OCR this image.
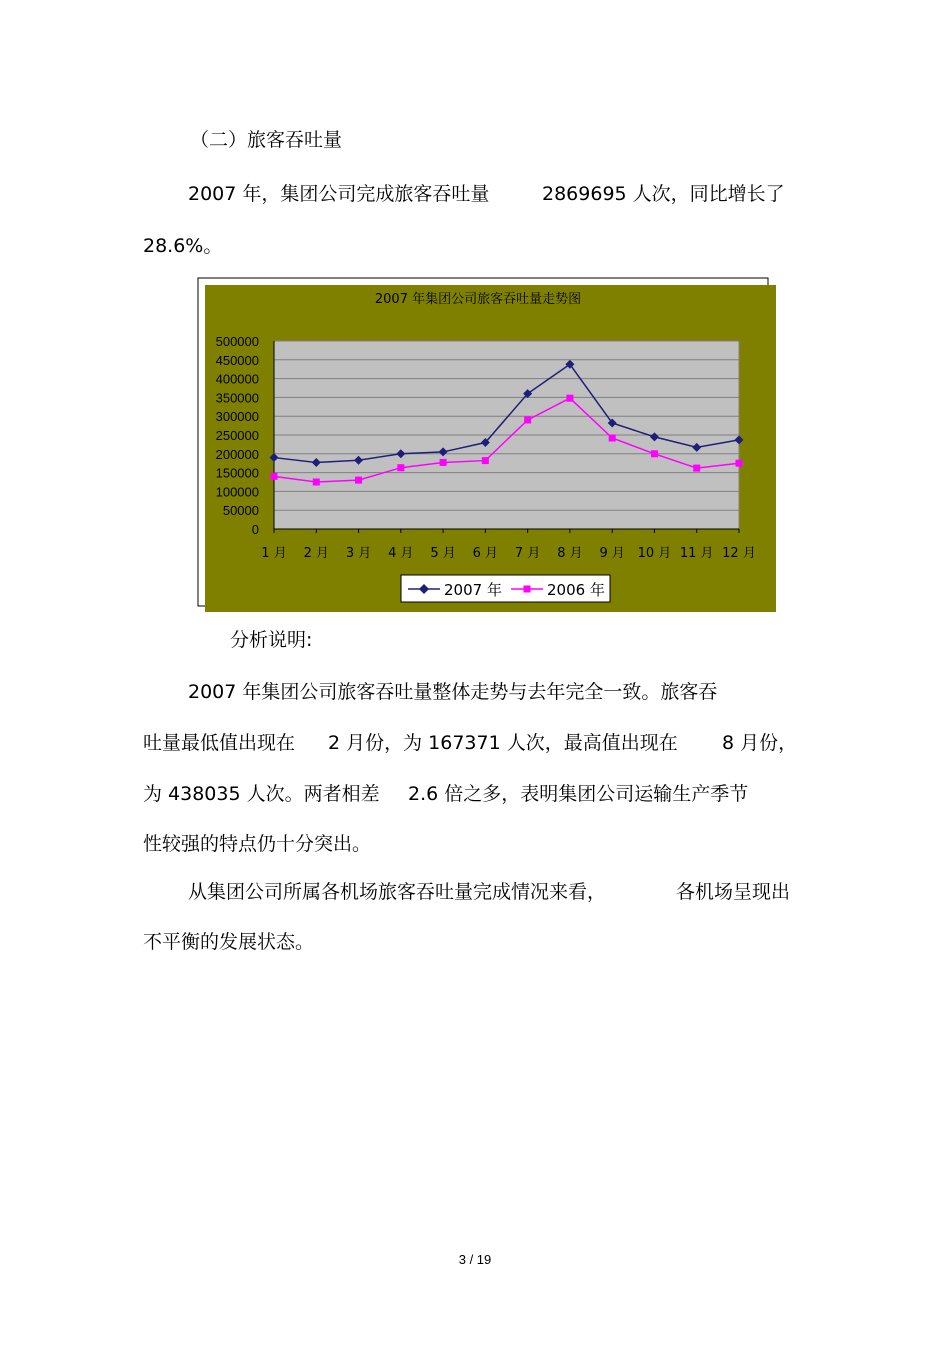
（二）旅客吞吐量
2007 年，集团公司完成旅客吞吐量	2869695 人次，同比增长了
28.6%。
2007 年集团公司旅客吞吐量走势图
500000
450000
400000
350000
300000
250000
200000
150000
100000
50000
0
1 月 2 月 3 月 4 月 5 月 6 月 7 月 8 月 9 月 10 月 11 月 12 月
2007 年	2006 年
分析说明:
2007 年集团公司旅客吞吐量整体走势与去年完全一致。旅客吞
吐量最低值出现在 2 月份，为 167371 人次，最高值出现在 8 月份，
为 438035 人次。两者相差 2.6 倍之多，表明集团公司运输生产季节
性较强的特点仍十分突出。
从集团公司所属各机场旅客吞吐量完成情况来看，	各机场呈现出
不平衡的发展状态。
3 / 19
